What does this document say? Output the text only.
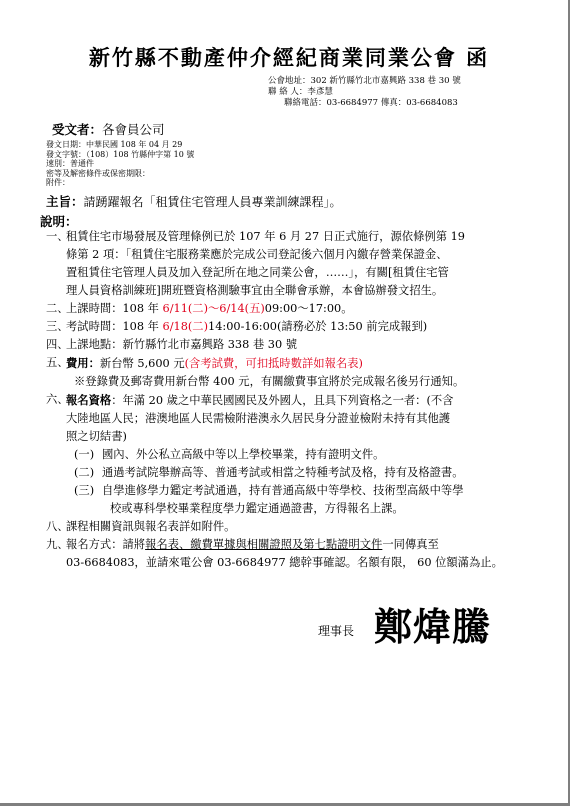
新竹縣不動產仲介經紀商業同業公會 函
公會地址：302 新竹縣竹北市嘉興路 338 巷 30 號
聯 絡 人：李彥慧
聯絡電話：03-6684977 傳真：03-6684083
受文者：各會員公司
發文日期：中華民國 108 年 04 月 29
發文字號：（108）108 竹縣仲字第 10 號
速別：普通件
密等及解密條件或保密期限：
附件：
主旨：請踴躍報名「租賃住宅管理人員專業訓練課程」。
說明：
一、
租賃住宅市場發展及管理條例已於 107 年 6 月 27 日正式施行，源依條例第 19
條第 2 項：「租賃住宅服務業應於完成公司登記後六個月內繳存營業保證金、
置租賃住宅管理人員及加入登記所在地之同業公會，……」，有關[租賃住宅管
理人員資格訓練班]開班暨資格測驗事宜由全聯會承辦，本會協辦發文招生。
二、
上課時間：108 年 6/11(二)～6/14(五)09:00～17:00。
三、
考試時間：108 年 6/18(二)14:00-16:00(請務必於 13:50 前完成報到)
四、
上課地點：新竹縣竹北市嘉興路 338 巷 30 號
五、
費用：新台幣 5,600 元(含考試費，可扣抵時數詳如報名表)
※登錄費及郵寄費用新台幣 400 元，有關繳費事宜將於完成報名後另行通知。
六、
報名資格：年滿 20 歲之中華民國國民及外國人，且具下列資格之一者：(不含
大陸地區人民；港澳地區人民需檢附港澳永久居民身分證並檢附未持有其他護
照之切結書)
(一) 國內、外公私立高級中等以上學校畢業，持有證明文件。
(二) 通過考試院舉辦高等、普通考試或相當之特種考試及格，持有及格證書。
(三) 自學進修學力鑑定考試通過，持有普通高級中等學校、技術型高級中等學
校或專科學校畢業程度學力鑑定通過證書，方得報名上課。
八、
課程相關資訊與報名表詳如附件。
九、
報名方式：請將報名表、繳費單據與相關證照及第七點證明文件一同傳真至
03-6684083，並請來電公會 03-6684977 總幹事確認。名額有限， 60 位額滿為止。
理事長 鄭煒騰
